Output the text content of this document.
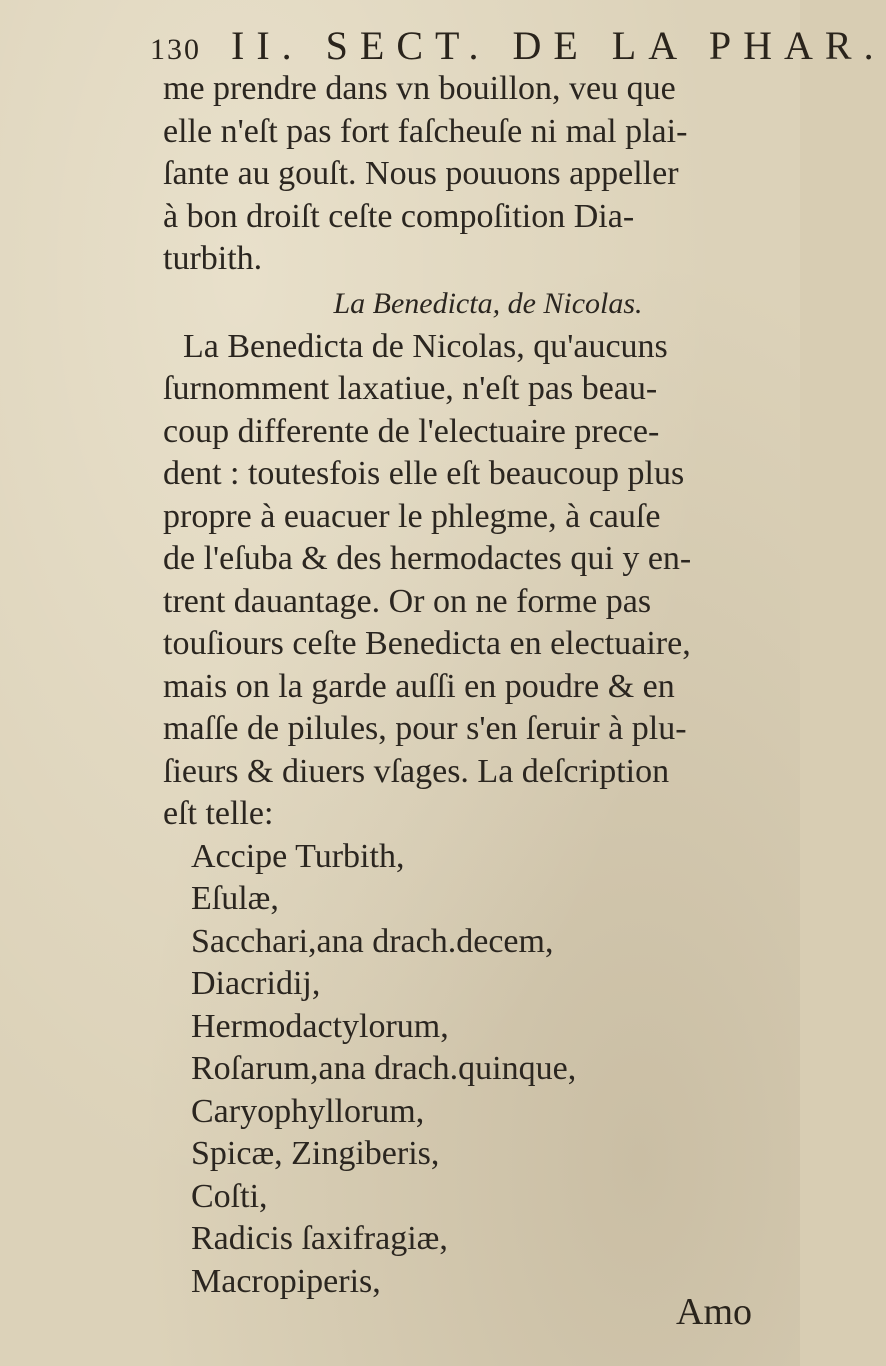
130 II. SECT. DE LA PHAR.
me prendre dans vn bouillon, veu que
elle n'eſt pas fort faſcheuſe ni mal plai-
ſante au gouſt. Nous pouuons appeller
à bon droiſt ceſte compoſition Dia-
turbith.
La Benedicta, de Nicolas.
La Benedicta de Nicolas, qu'aucuns
ſurnomment laxatiue, n'eſt pas beau-
coup differente de l'electuaire prece-
dent : toutesfois elle eſt beaucoup plus
propre à euacuer le phlegme, à cauſe
de l'eſuba & des hermodactes qui y en-
trent dauantage. Or on ne forme pas
touſiours ceſte Benedicta en electuaire,
mais on la garde auſſi en poudre & en
maſſe de pilules, pour s'en ſeruir à plu-
ſieurs & diuers vſages. La deſcription
eſt telle:
Accipe Turbith,
Eſulæ,
Sacchari,ana drach.decem,
Diacridij,
Hermodactylorum,
Roſarum,ana drach.quinque,
Caryophyllorum,
Spicæ, Zingiberis,
Coſti,
Radicis ſaxifragiæ,
Macropiperis,
Amo
